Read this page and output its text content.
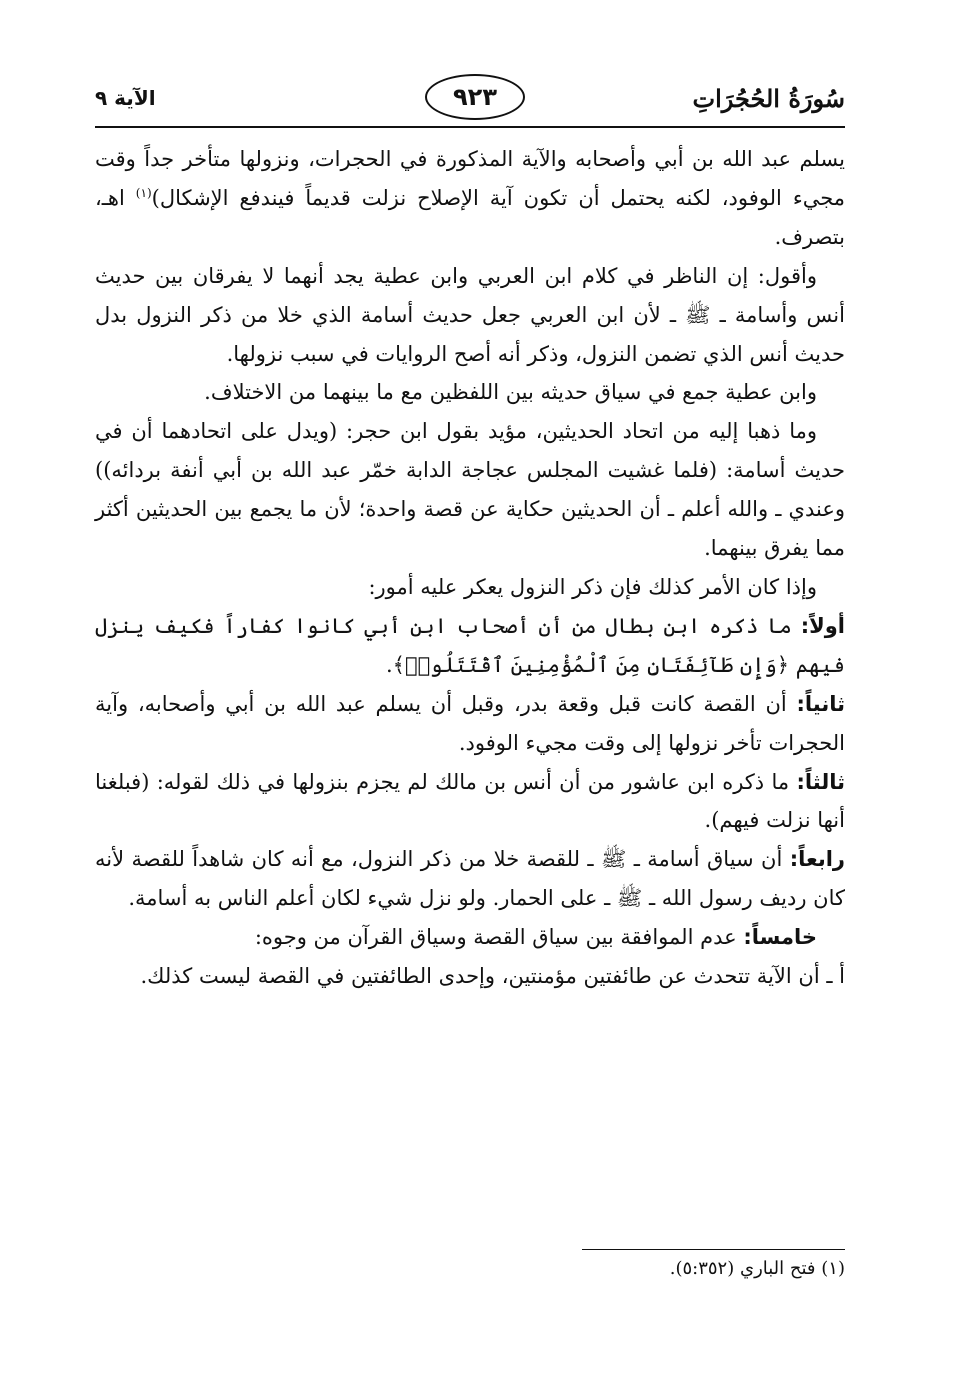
سُورَةُ الحُجُرَاتِ
٩٢٣
الآية ٩

يسلم عبد الله بن أبي وأصحابه والآية المذكورة في الحجرات، ونزولها متأخر جداً وقت مجيء الوفود، لكنه يحتمل أن تكون آية الإصلاح نزلت قديماً فيندفع الإشكال)$^{(١)}$ اهـ، بتصرف.

وأقول: إن الناظر في كلام ابن العربي وابن عطية يجد أنهما لا يفرقان بين حديث أنس وأسامة ـ ﷺ ـ لأن ابن العربي جعل حديث أسامة الذي خلا من ذكر النزول بدل حديث أنس الذي تضمن النزول، وذكر أنه أصح الروايات في سبب نزولها.

وابن عطية جمع في سياق حديثه بين اللفظين مع ما بينهما من الاختلاف.

وما ذهبا إليه من اتحاد الحديثين، مؤيد بقول ابن حجر: (ويدل على اتحادهما أن في حديث أسامة: (فلما غشيت المجلس عجاجة الدابة خمّر عبد الله بن أبي أنفة بردائه)) وعندي ـ والله أعلم ـ أن الحديثين حكاية عن قصة واحدة؛ لأن ما يجمع بين الحديثين أكثر مما يفرق بينهما.

وإذا كان الأمر كذلك فإن ذكر النزول يعكر عليه أمور:

أولاً: ما ذكره ابن بطال من أن أصحاب ابن أبي كانوا كفاراً فكيف ينزل فيهم ﴿وَإِن طَآئِفَتَانِ مِنَ ٱلْمُؤْمِنِينَ ٱقْتَتَلُوا۟﴾.

ثانياً: أن القصة كانت قبل وقعة بدر، وقبل أن يسلم عبد الله بن أبي وأصحابه، وآية الحجرات تأخر نزولها إلى وقت مجيء الوفود.

ثالثاً: ما ذكره ابن عاشور من أن أنس بن مالك لم يجزم بنزولها في ذلك لقوله: (فبلغنا أنها نزلت فيهم).

رابعاً: أن سياق أسامة ـ ﷺ ـ للقصة خلا من ذكر النزول، مع أنه كان شاهداً للقصة لأنه كان رديف رسول الله ـ ﷺ ـ على الحمار. ولو نزل شيء لكان أعلم الناس به أسامة.

خامساً: عدم الموافقة بين سياق القصة وسياق القرآن من وجوه:

أ ـ أن الآية تتحدث عن طائفتين مؤمنتين، وإحدى الطائفتين في القصة ليست كذلك.

(١) فتح الباري (٥:٣٥٢).
